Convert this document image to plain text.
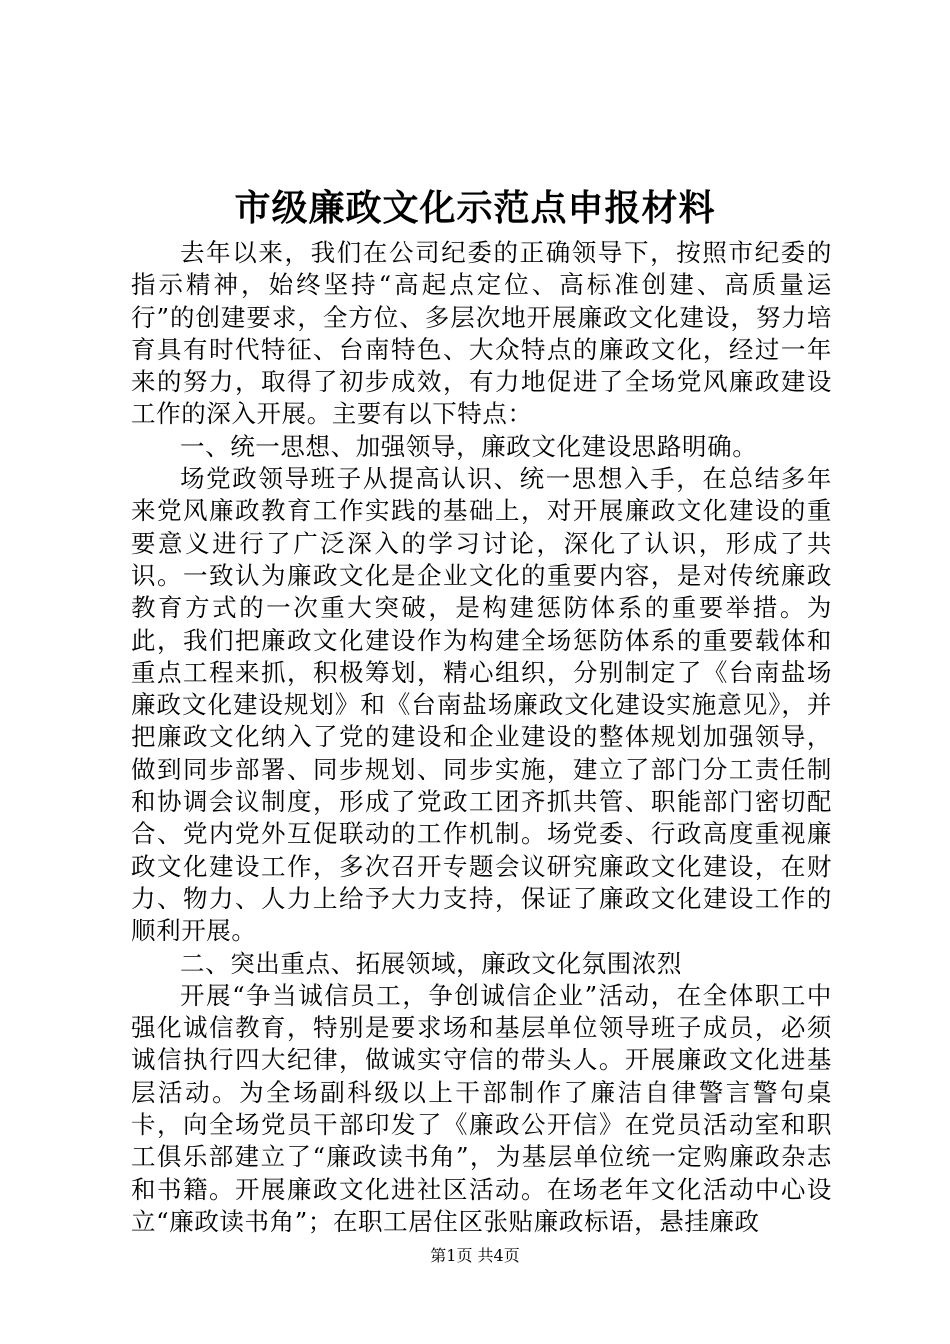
市级廉政文化示范点申报材料

去年以来，我们在公司纪委的正确领导下，按照市纪委的指示精神，始终坚持“高起点定位、高标准创建、高质量运行”的创建要求，全方位、多层次地开展廉政文化建设，努力培育具有时代特征、台南特色、大众特点的廉政文化，经过一年来的努力，取得了初步成效，有力地促进了全场党风廉政建设工作的深入开展。主要有以下特点：

一、统一思想、加强领导，廉政文化建设思路明确。

场党政领导班子从提高认识、统一思想入手，在总结多年来党风廉政教育工作实践的基础上，对开展廉政文化建设的重要意义进行了广泛深入的学习讨论，深化了认识，形成了共识。一致认为廉政文化是企业文化的重要内容，是对传统廉政教育方式的一次重大突破，是构建惩防体系的重要举措。为此，我们把廉政文化建设作为构建全场惩防体系的重要载体和重点工程来抓，积极筹划，精心组织，分别制定了《台南盐场廉政文化建设规划》和《台南盐场廉政文化建设实施意见》，并把廉政文化纳入了党的建设和企业建设的整体规划加强领导，做到同步部署、同步规划、同步实施，建立了部门分工责任制和协调会议制度，形成了党政工团齐抓共管、职能部门密切配合、党内党外互促联动的工作机制。场党委、行政高度重视廉政文化建设工作，多次召开专题会议研究廉政文化建设，在财力、物力、人力上给予大力支持，保证了廉政文化建设工作的顺利开展。

二、突出重点、拓展领域，廉政文化氛围浓烈

开展“争当诚信员工，争创诚信企业”活动，在全体职工中强化诚信教育，特别是要求场和基层单位领导班子成员，必须诚信执行四大纪律，做诚实守信的带头人。开展廉政文化进基层活动。为全场副科级以上干部制作了廉洁自律警言警句桌卡，向全场党员干部印发了《廉政公开信》在党员活动室和职工俱乐部建立了“廉政读书角”，为基层单位统一定购廉政杂志和书籍。开展廉政文化进社区活动。在场老年文化活动中心设立“廉政读书角”；在职工居住区张贴廉政标语，悬挂廉政

第1页 共4页
